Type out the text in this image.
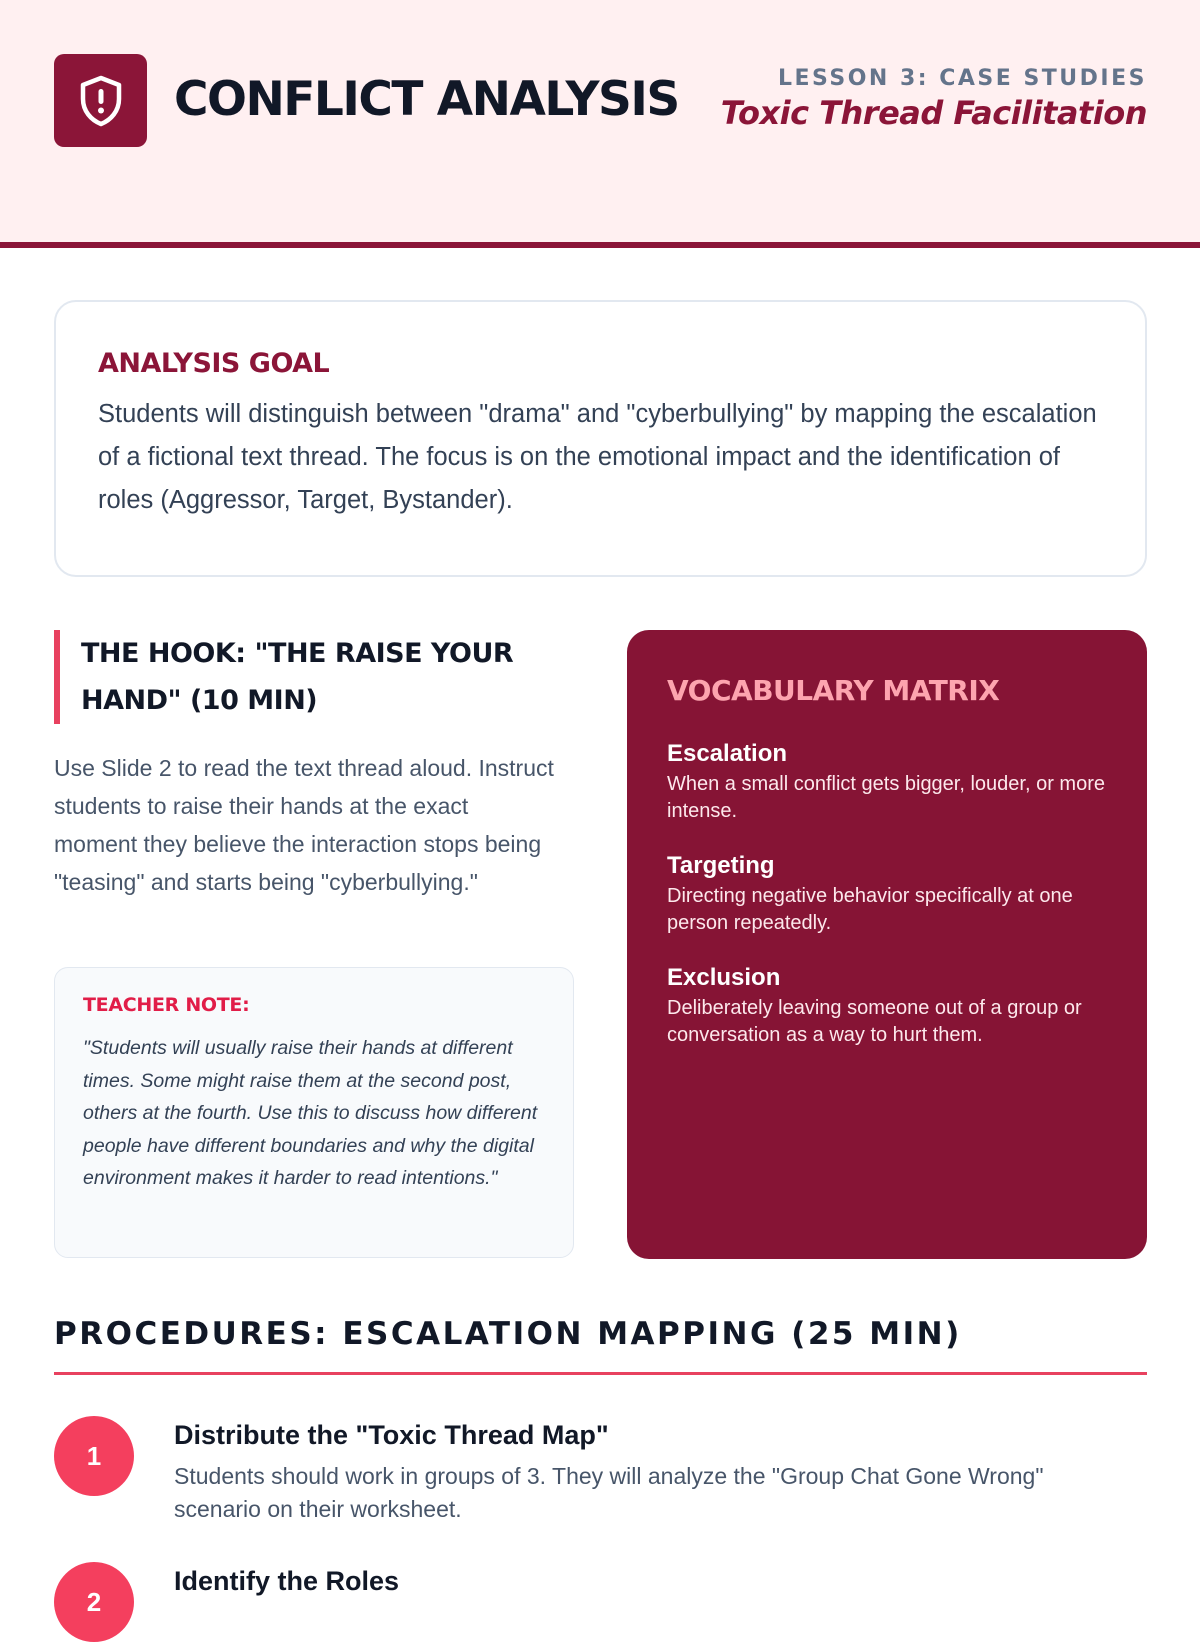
CONFLICT ANALYSIS	LESSON 3: CASE STUDIES
Toxic Thread Facilitation
ANALYSIS GOAL

Students will distinguish between "drama" and "cyberbullying" by mapping the escalation of a fictional text thread. The focus is on the emotional impact and the identification of roles (Aggressor, Target, Bystander).

THE HOOK: "THE RAISE YOUR HAND" (10 MIN)

Use Slide 2 to read the text thread aloud. Instruct students to raise their hands at the exact moment they believe the interaction stops being "teasing" and starts being "cyberbullying."

TEACHER NOTE:

"Students will usually raise their hands at different times. Some might raise them at the second post, others at the fourth. Use this to discuss how different people have different boundaries and why the digital environment makes it harder to read intentions."

VOCABULARY MATRIX
Escalation
When a small conflict gets bigger, louder, or more intense.
Targeting
Directing negative behavior specifically at one person repeatedly.
Exclusion
Deliberately leaving someone out of a group or conversation as a way to hurt them.
PROCEDURES: ESCALATION MAPPING (25 MIN)
1
Distribute the "Toxic Thread Map"
Students should work in groups of 3. They will analyze the "Group Chat Gone Wrong" scenario on their worksheet.
2
Identify the Roles
